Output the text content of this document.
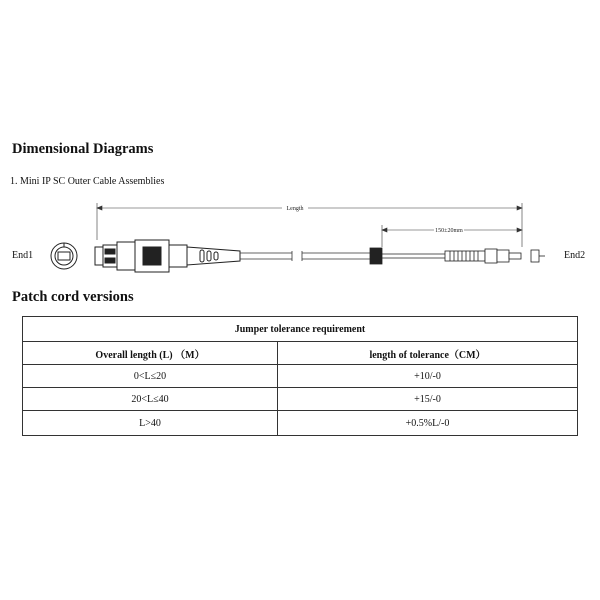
Dimensional Diagrams
1. Mini IP SC Outer Cable Assemblies
End1	End2
Length
150±20mm
Patch cord versions
Jumper tolerance requirement	
Overall length (L) （M）	length of tolerance（CM）
0<L≤20	+10/-0
20<L≤40	+15/-0
L>40	+0.5%L/-0
